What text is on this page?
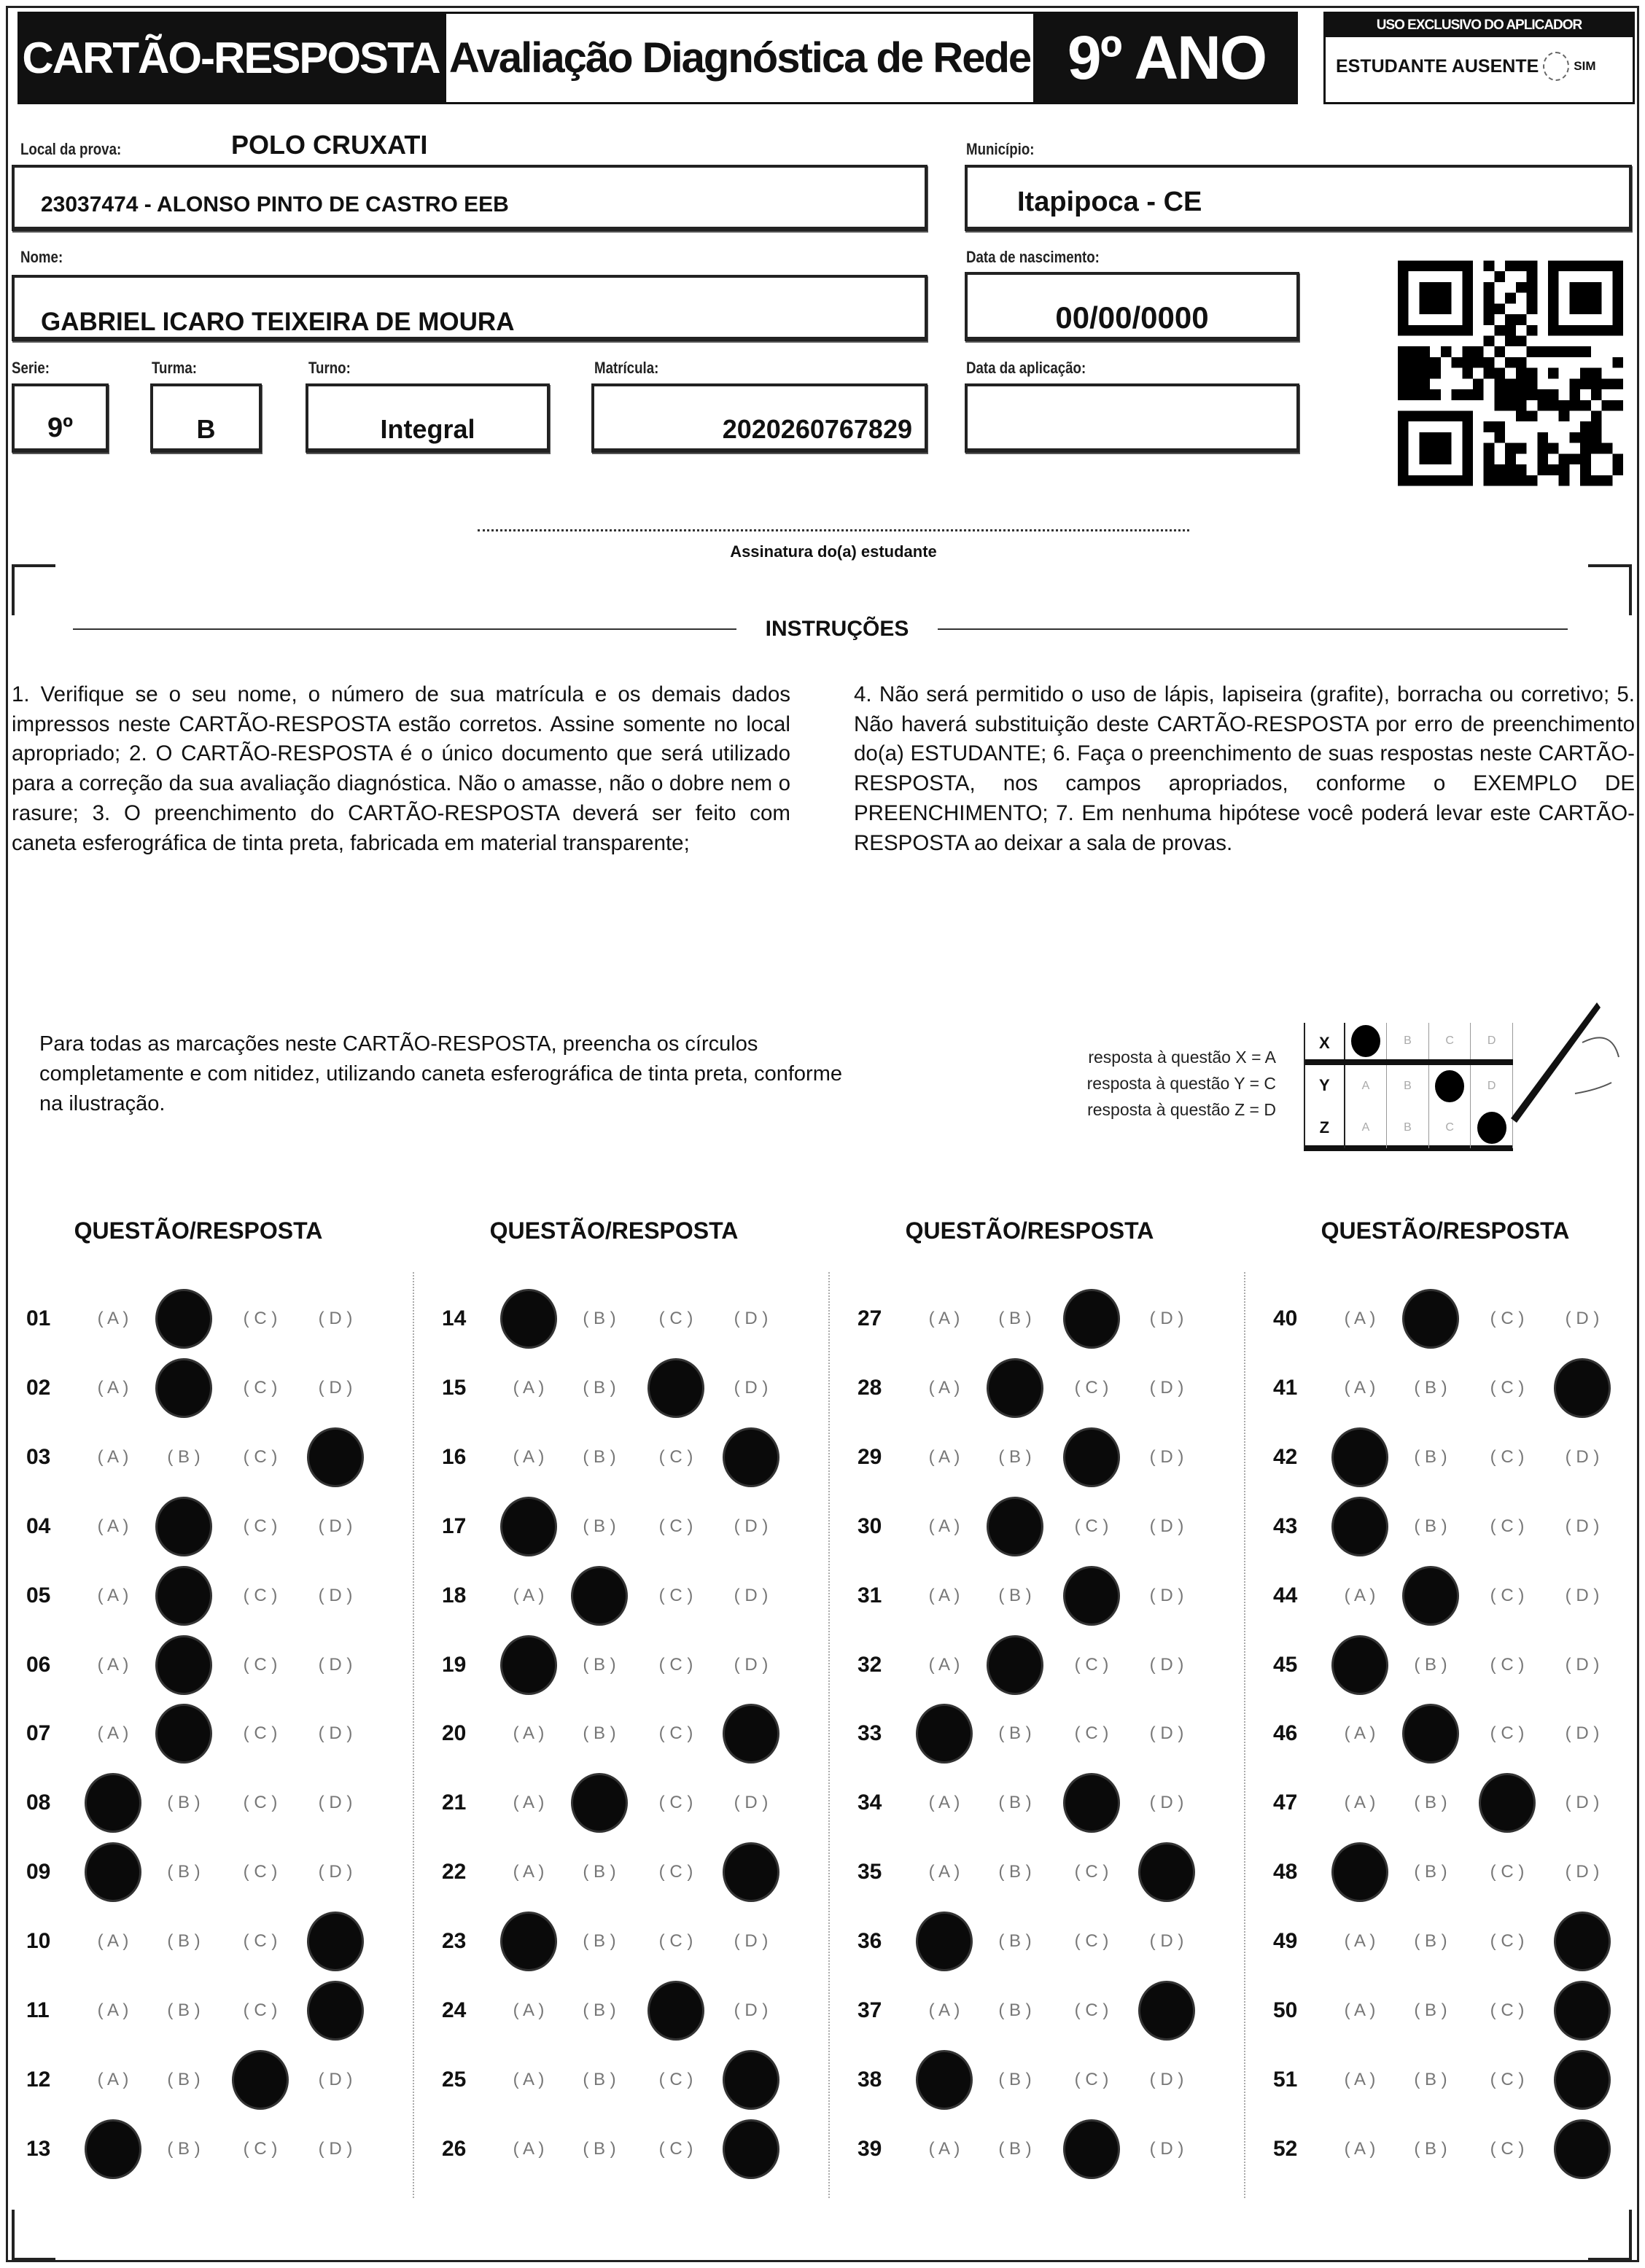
CARTÃO-RESPOSTA Avaliação Diagnóstica de Rede 9º ANO	USO EXCLUSIVO DO APLICADOR
ESTUDANTE AUSENTE	SIM
Local da prova:	POLO CRUXATI
23037474 - ALONSO PINTO DE CASTRO EEB
Município:
Itapipoca - CE
Nome:
GABRIEL ICARO TEIXEIRA DE MOURA
Data de nascimento:
00/00/0000
Serie:	Turma:	Turno:	Matrícula:	Data da aplicação:
9º	B	Integral	2020260767829
Assinatura do(a) estudante
INSTRUÇÕES
1. Verifique se o seu nome, o número de sua matrícula e os demais dados impressos neste CARTÃO-RESPOSTA estão corretos. Assine somente no local apropriado; 2. O CARTÃO-RESPOSTA é o único documento que será utilizado para a correção da sua avaliação diagnóstica. Não o amasse, não o dobre nem o rasure; 3. O preenchimento do CARTÃO-RESPOSTA deverá ser feito com caneta esferográfica de tinta preta, fabricada em material transparente;
4. Não será permitido o uso de lápis, lapiseira (grafite), borracha ou corretivo; 5. Não haverá substituição deste CARTÃO-RESPOSTA por erro de preenchimento do(a) ESTUDANTE; 6. Faça o preenchimento de suas respostas neste CARTÃO-RESPOSTA, nos campos apropriados, conforme o EXEMPLO DE PREENCHIMENTO; 7. Em nenhuma hipótese você poderá levar este CARTÃO-RESPOSTA ao deixar a sala de provas.
Para todas as marcações neste CARTÃO-RESPOSTA, preencha os círculos completamente e com nitidez, utilizando caneta esferográfica de tinta preta, conforme na ilustração.
resposta à questão X = A
resposta à questão Y = C
resposta à questão Z = D
X	B	C	D
Y	A	B	D
Z	A	B	C
QUESTÃO/RESPOSTA
01	( A )	( C ) ( D )
02	( A )	( C ) ( D )
03	( A ) ( B ) ( C )
04	( A )	( C ) ( D )
05	( A )	( C ) ( D )
06	( A )	( C ) ( D )
07	( A )	( C ) ( D )
08	( B ) ( C ) ( D )
09	( B ) ( C ) ( D )
10	( A ) ( B ) ( C )
11	( A ) ( B ) ( C )
12	( A ) ( B )	( D )
13	( B ) ( C ) ( D )
QUESTÃO/RESPOSTA
14	( B ) ( C ) ( D )
15	( A ) ( B )	( D )
16	( A ) ( B ) ( C )
17	( B ) ( C ) ( D )
18	( A )	( C ) ( D )
19	( B ) ( C ) ( D )
20	( A ) ( B ) ( C )
21	( A )	( C ) ( D )
22	( A ) ( B ) ( C )
23	( B ) ( C ) ( D )
24	( A ) ( B )	( D )
25	( A ) ( B ) ( C )
26	( A ) ( B ) ( C )
QUESTÃO/RESPOSTA
27	( A ) ( B )	( D )
28	( A )	( C ) ( D )
29	( A ) ( B )	( D )
30	( A )	( C ) ( D )
31	( A ) ( B )	( D )
32	( A )	( C ) ( D )
33	( B ) ( C ) ( D )
34	( A ) ( B )	( D )
35	( A ) ( B ) ( C )
36	( B ) ( C ) ( D )
37	( A ) ( B ) ( C )
38	( B ) ( C ) ( D )
39	( A ) ( B )	( D )
QUESTÃO/RESPOSTA
40	( A )	( C ) ( D )
41	( A ) ( B ) ( C )
42	( B ) ( C ) ( D )
43	( B ) ( C ) ( D )
44	( A )	( C ) ( D )
45	( B ) ( C ) ( D )
46	( A )	( C ) ( D )
47	( A ) ( B )	( D )
48	( B ) ( C ) ( D )
49	( A ) ( B ) ( C )
50	( A ) ( B ) ( C )
51	( A ) ( B ) ( C )
52	( A ) ( B ) ( C )
